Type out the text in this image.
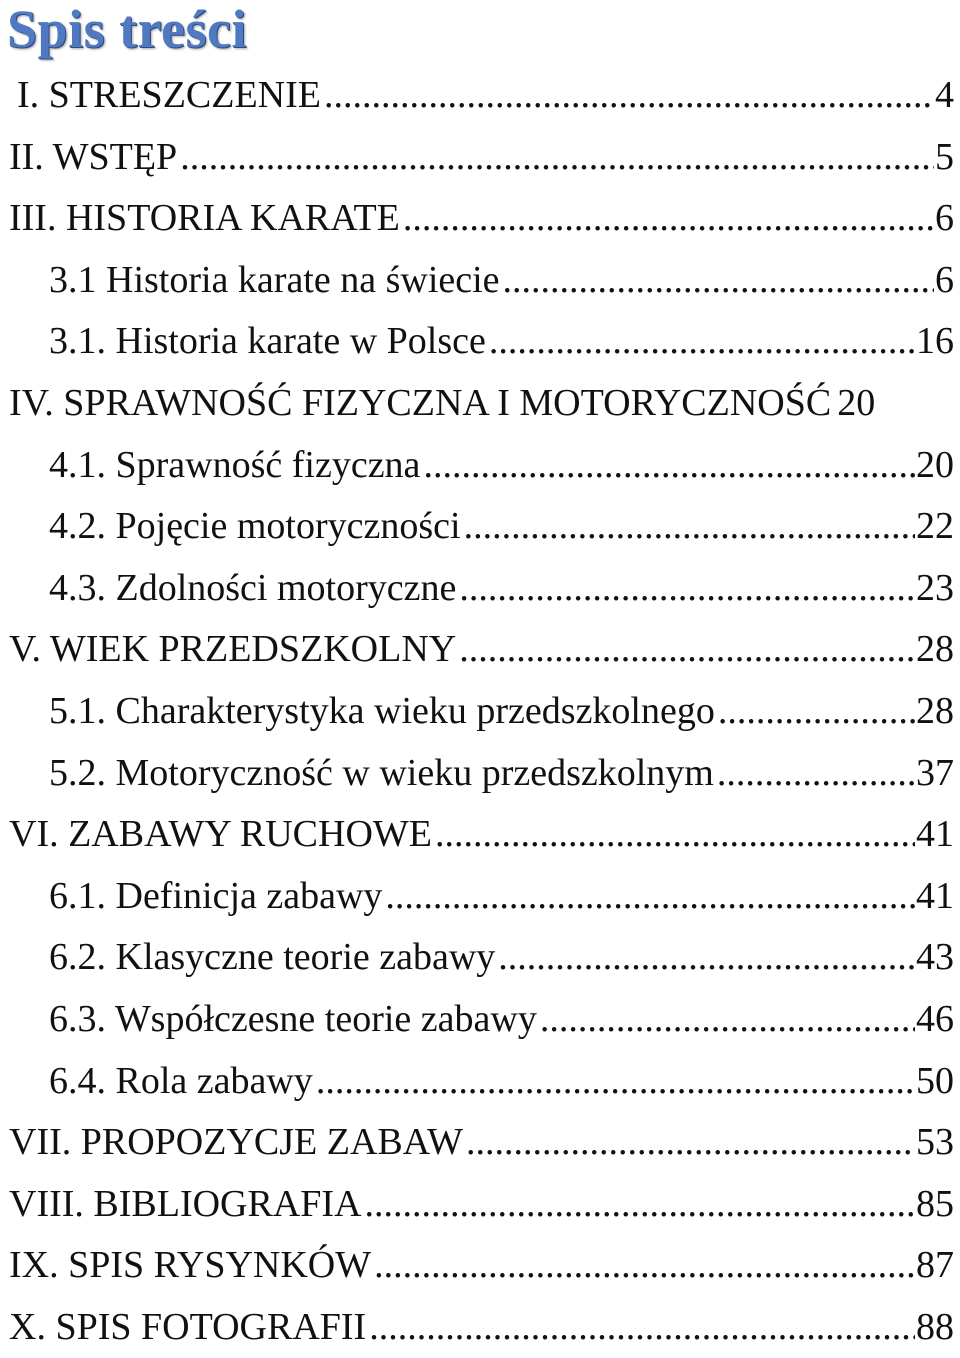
Spis treści
I. STRESZCZENIE .....	4
II. WSTĘP .....	5
III. HISTORIA KARATE .....	6
3.1 Historia karate na świecie .....	6
3.1. Historia karate w Polsce .....	16
IV. SPRAWNOŚĆ FIZYCZNA I MOTORYCZNOŚĆ 20
4.1. Sprawność fizyczna .....	20
4.2. Pojęcie motoryczności .....	22
4.3. Zdolności motoryczne .....	23
V. WIEK PRZEDSZKOLNY .....	28
5.1. Charakterystyka wieku przedszkolnego .....	28
5.2. Motoryczność w wieku przedszkolnym .....	37
VI. ZABAWY RUCHOWE .....	41
6.1. Definicja zabawy .....	41
6.2. Klasyczne teorie zabawy .....	43
6.3. Współczesne teorie zabawy .....	46
6.4. Rola zabawy .....	50
VII. PROPOZYCJE ZABAW .....	53
VIII. BIBLIOGRAFIA .....	85
IX. SPIS RYSYNKÓW .....	87
X. SPIS FOTOGRAFII .....	88
